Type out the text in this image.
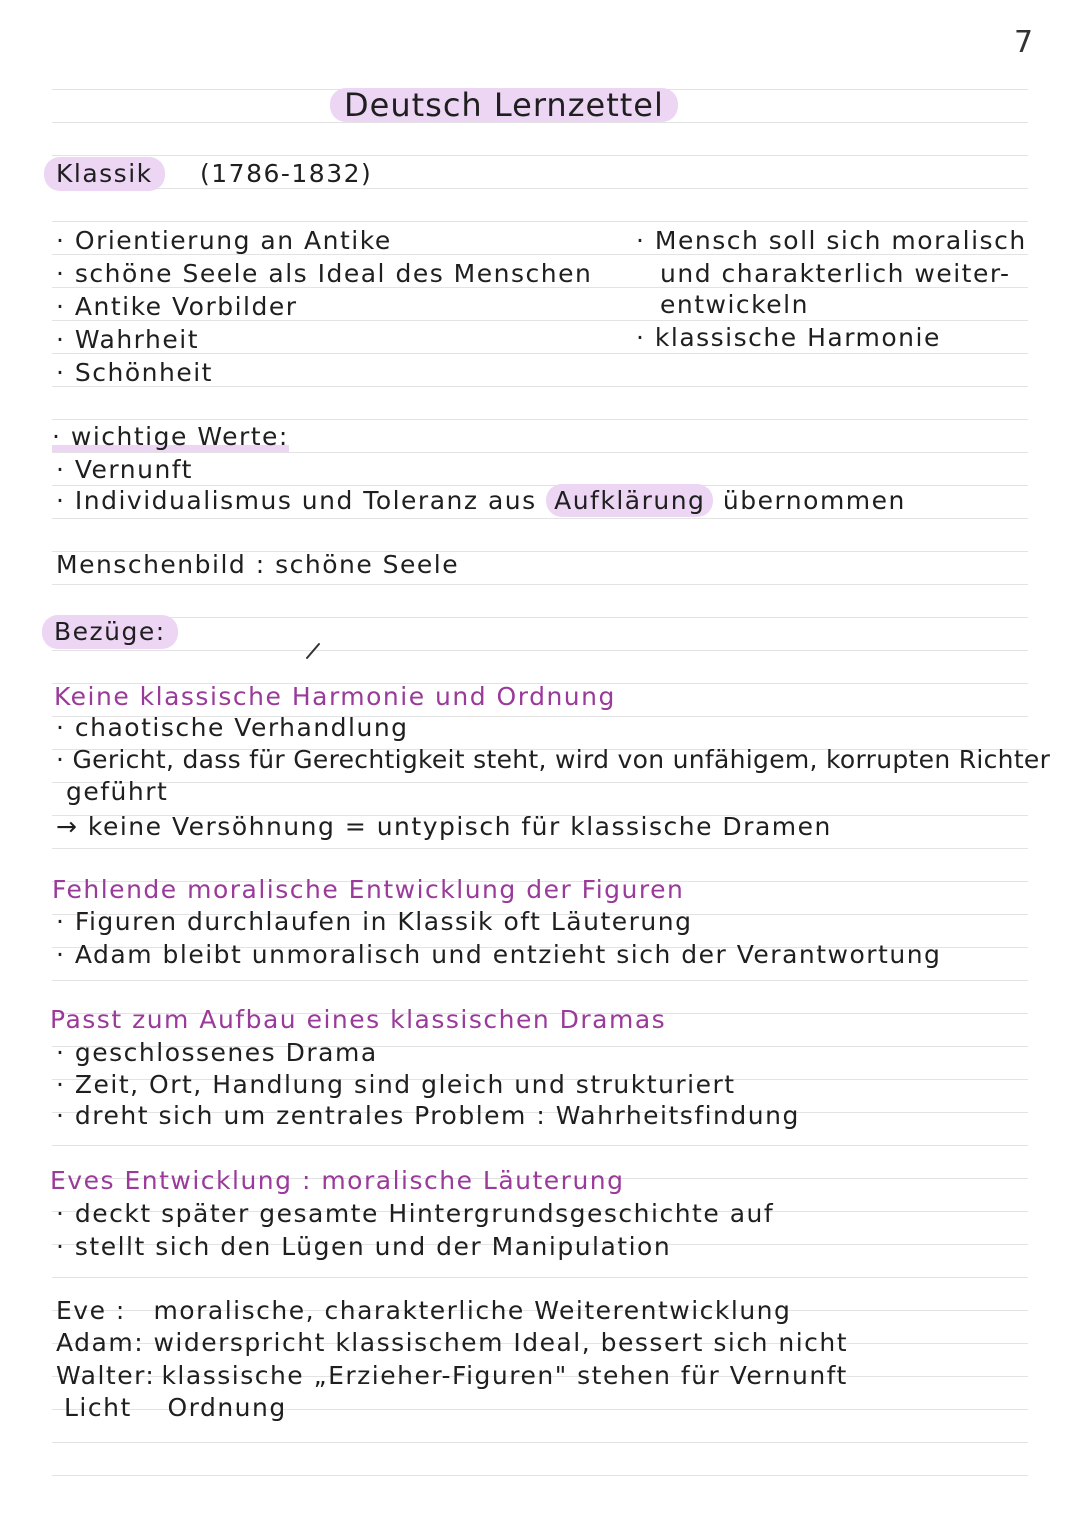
7
Deutsch Lernzettel
Klassik	(1786-1832)
· Orientierung an Antike
· schöne Seele als Ideal des Menschen
· Antike Vorbilder
· Wahrheit
· Schönheit
· Mensch soll sich moralisch
und charakterlich weiter-
entwickeln
· klassische Harmonie
· wichtige Werte:
· Vernunft
· Individualismus und Toleranz aus Aufklärung übernommen
Menschenbild : schöne Seele
Bezüge:
Keine klassische Harmonie und Ordnung
· chaotische Verhandlung
· Gericht, dass für Gerechtigkeit steht, wird von unfähigem, korrupten Richter
geführt
→ keine Versöhnung = untypisch für klassische Dramen
Fehlende moralische Entwicklung der Figuren
· Figuren durchlaufen in Klassik oft Läuterung
· Adam bleibt unmoralisch und entzieht sich der Verantwortung
Passt zum Aufbau eines klassischen Dramas
· geschlossenes Drama
· Zeit, Ort, Handlung sind gleich und strukturiert
· dreht sich um zentrales Problem : Wahrheitsfindung
Eves Entwicklung : moralische Läuterung
· deckt später gesamte Hintergrundsgeschichte auf
· stellt sich den Lügen und der Manipulation
Eve : moralische, charakterliche Weiterentwicklung
Adam: widerspricht klassischem Ideal, bessert sich nicht
Walter: klassische „Erzieher-Figuren" stehen für Vernunft
Licht Ordnung
